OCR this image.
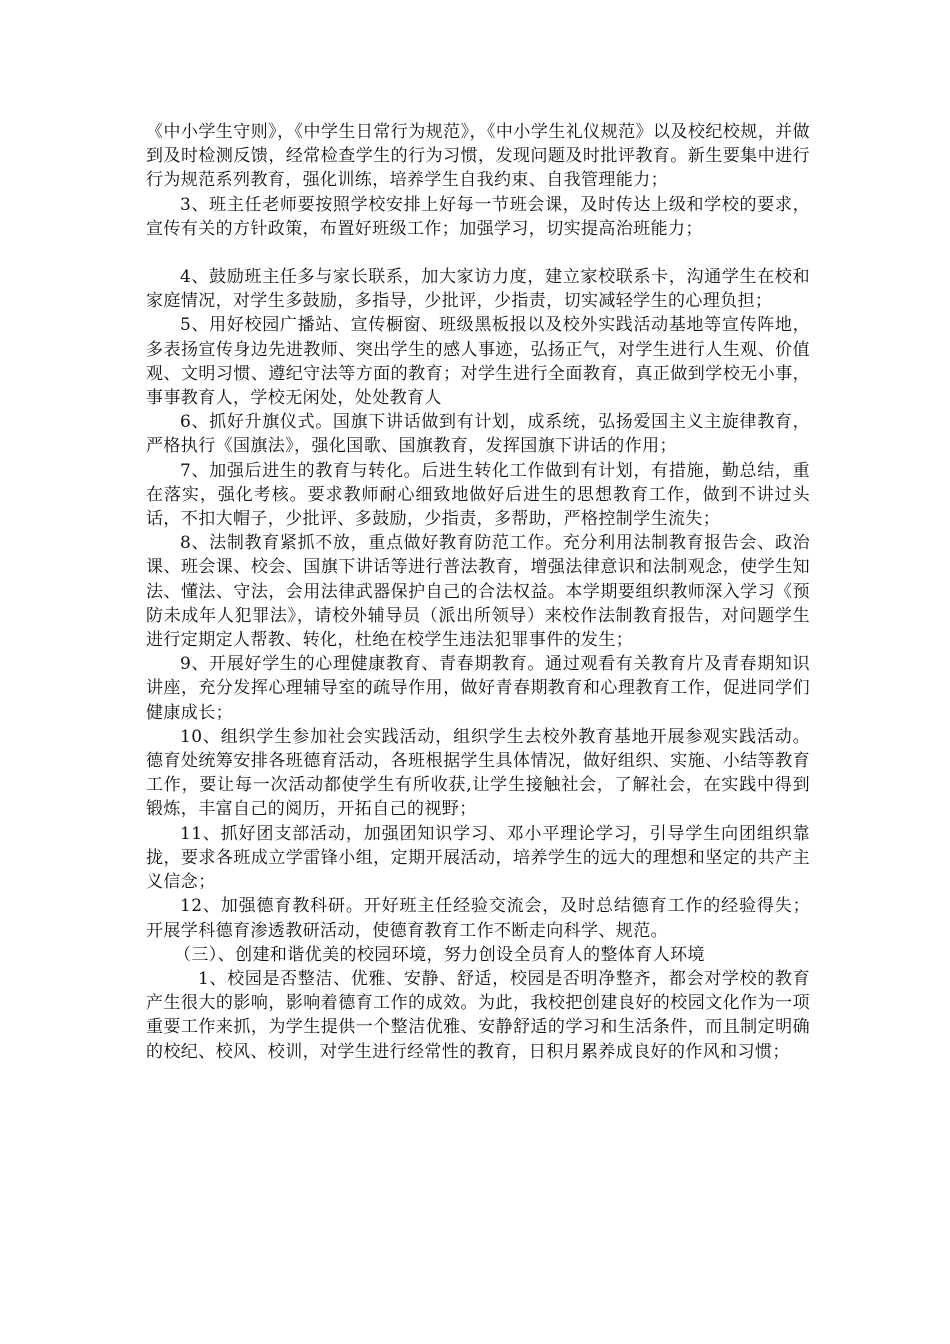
《中小学生守则》，《中学生日常行为规范》，《中小学生礼仪规范》以及校纪校规，并做到及时检测反馈，经常检查学生的行为习惯，发现问题及时批评教育。新生要集中进行行为规范系列教育，强化训练，培养学生自我约束、自我管理能力；

3、班主任老师要按照学校安排上好每一节班会课，及时传达上级和学校的要求，宣传有关的方针政策，布置好班级工作；加强学习，切实提高治班能力；

4、鼓励班主任多与家长联系，加大家访力度，建立家校联系卡，沟通学生在校和家庭情况，对学生多鼓励，多指导，少批评，少指责，切实减轻学生的心理负担；

5、用好校园广播站、宣传橱窗、班级黑板报以及校外实践活动基地等宣传阵地，多表扬宣传身边先进教师、突出学生的感人事迹，弘扬正气，对学生进行人生观、价值观、文明习惯、遵纪守法等方面的教育；对学生进行全面教育，真正做到学校无小事，事事教育人，学校无闲处，处处教育人

6、抓好升旗仪式。国旗下讲话做到有计划，成系统，弘扬爱国主义主旋律教育，严格执行《国旗法》，强化国歌、国旗教育，发挥国旗下讲话的作用；

7、加强后进生的教育与转化。后进生转化工作做到有计划，有措施，勤总结，重在落实，强化考核。要求教师耐心细致地做好后进生的思想教育工作，做到不讲过头话，不扣大帽子，少批评、多鼓励，少指责，多帮助，严格控制学生流失；

8、法制教育紧抓不放，重点做好教育防范工作。充分利用法制教育报告会、政治课、班会课、校会、国旗下讲话等进行普法教育，增强法律意识和法制观念，使学生知法、懂法、守法，会用法律武器保护自己的合法权益。本学期要组织教师深入学习《预防未成年人犯罪法》，请校外辅导员（派出所领导）来校作法制教育报告，对问题学生进行定期定人帮教、转化，杜绝在校学生违法犯罪事件的发生；

9、开展好学生的心理健康教育、青春期教育。通过观看有关教育片及青春期知识讲座，充分发挥心理辅导室的疏导作用，做好青春期教育和心理教育工作，促进同学们健康成长；

10、组织学生参加社会实践活动，组织学生去校外教育基地开展参观实践活动。德育处统筹安排各班德育活动，各班根据学生具体情况，做好组织、实施、小结等教育工作，要让每一次活动都使学生有所收获,让学生接触社会，了解社会，在实践中得到锻炼，丰富自己的阅历，开拓自己的视野；

11、抓好团支部活动，加强团知识学习、邓小平理论学习，引导学生向团组织靠拢，要求各班成立学雷锋小组，定期开展活动，培养学生的远大的理想和坚定的共产主义信念；

12、加强德育教科研。开好班主任经验交流会，及时总结德育工作的经验得失；开展学科德育渗透教研活动，使德育教育工作不断走向科学、规范。

（三）、创建和谐优美的校园环境，努力创设全员育人的整体育人环境

1、校园是否整洁、优雅、安静、舒适，校园是否明净整齐，都会对学校的教育产生很大的影响，影响着德育工作的成效。为此，我校把创建良好的校园文化作为一项重要工作来抓，为学生提供一个整洁优雅、安静舒适的学习和生活条件，而且制定明确的校纪、校风、校训，对学生进行经常性的教育，日积月累养成良好的作风和习惯；
